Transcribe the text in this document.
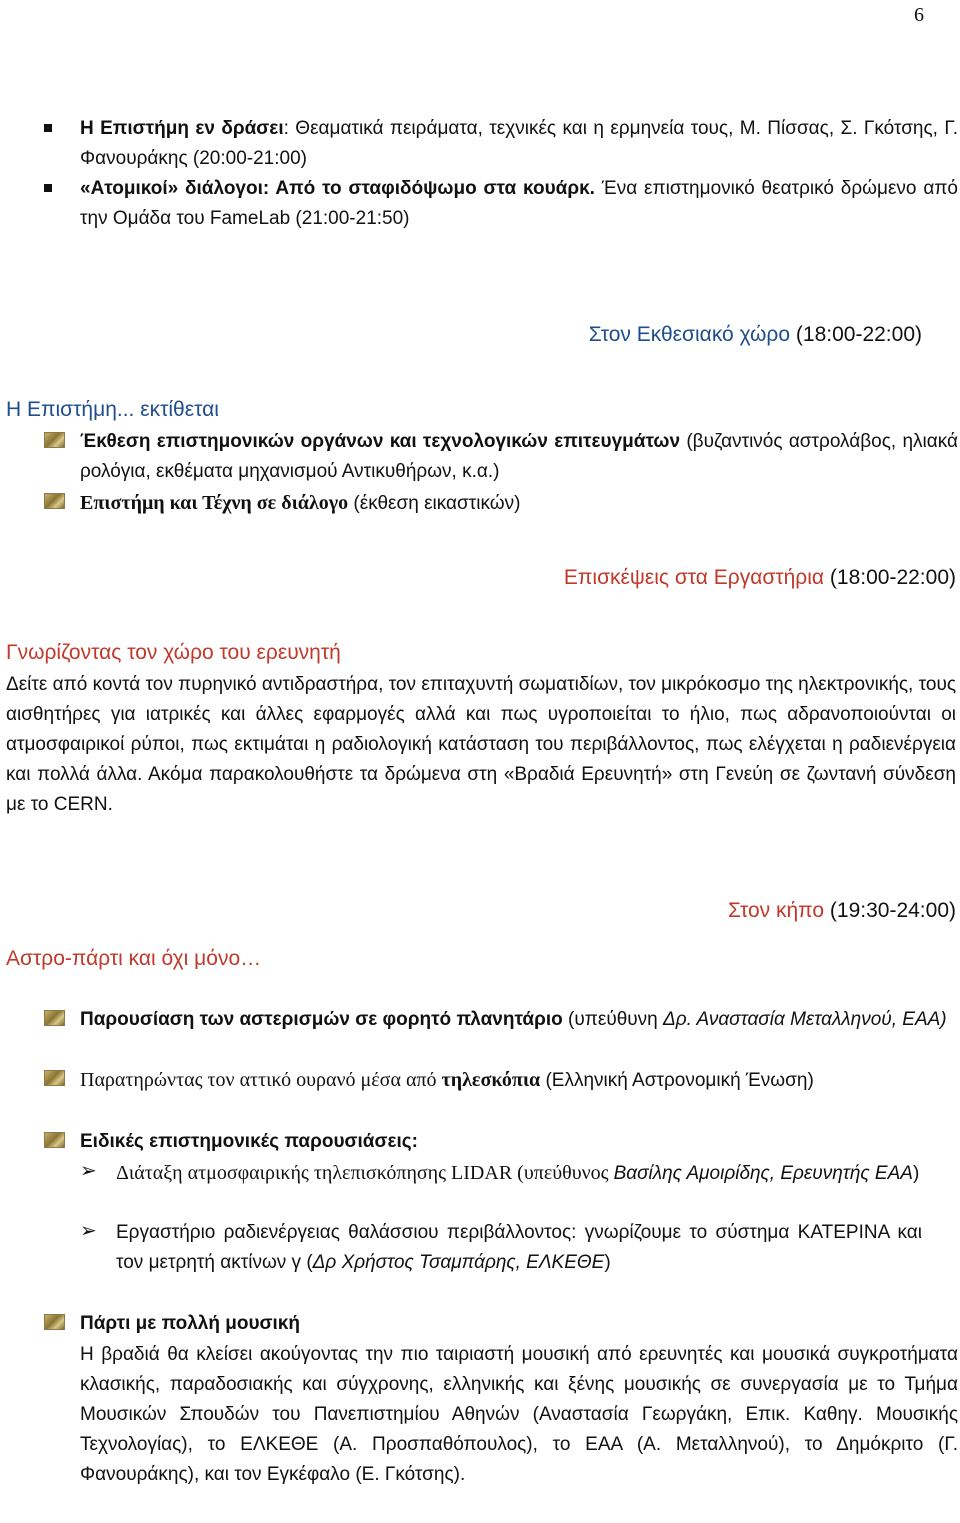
6
Η Επιστήμη εν δράσει: Θεαματικά πειράματα, τεχνικές και η ερμηνεία τους, Μ. Πίσσας, Σ. Γκότσης, Γ. Φανουράκης (20:00-21:00)
«Ατομικοί» διάλογοι: Από το σταφιδόψωμο στα κουάρκ. Ένα επιστημονικό θεατρικό δρώμενο από την Ομάδα του FameLab (21:00-21:50)
Στον Εκθεσιακό χώρο (18:00-22:00)
Η Επιστήμη... εκτίθεται
Έκθεση επιστημονικών οργάνων και τεχνολογικών επιτευγμάτων (βυζαντινός αστρολάβος, ηλιακά ρολόγια, εκθέματα μηχανισμού Αντικυθήρων, κ.α.)
Επιστήμη και Τέχνη σε διάλογο (έκθεση εικαστικών)
Επισκέψεις στα Εργαστήρια (18:00-22:00)
Γνωρίζοντας τον χώρο του ερευνητή
Δείτε από κοντά τον πυρηνικό αντιδραστήρα, τον επιταχυντή σωματιδίων, τον μικρόκοσμο της ηλεκτρονικής, τους αισθητήρες για ιατρικές και άλλες εφαρμογές αλλά και πως υγροποιείται το ήλιο, πως αδρανοποιούνται οι ατμοσφαιρικοί ρύποι, πως εκτιμάται η ραδιολογική κατάσταση του περιβάλλοντος, πως ελέγχεται η ραδιενέργεια και πολλά άλλα. Ακόμα παρακολουθήστε τα δρώμενα στη «Βραδιά Ερευνητή» στη Γενεύη σε ζωντανή σύνδεση με το CERN.
Στον κήπο (19:30-24:00)
Αστρο-πάρτι και όχι μόνο…
Παρουσίαση των αστερισμών σε φορητό πλανητάριο (υπεύθυνη Δρ. Αναστασία Μεταλληνού, ΕΑΑ)
Παρατηρώντας τον αττικό ουρανό μέσα από τηλεσκόπια (Ελληνική Αστρονομική Ένωση)
Ειδικές επιστημονικές παρουσιάσεις:
➢ Διάταξη ατμοσφαιρικής τηλεπισκόπησης LIDAR (υπεύθυνος Βασίλης Αμοιρίδης, Ερευνητής ΕΑΑ)
➢ Εργαστήριο ραδιενέργειας θαλάσσιου περιβάλλοντος: γνωρίζουμε το σύστημα ΚΑΤΕΡΙΝΑ και τον μετρητή ακτίνων γ (Δρ Χρήστος Τσαμπάρης, ΕΛΚΕΘΕ)
Πάρτι με πολλή μουσική
Η βραδιά θα κλείσει ακούγοντας την πιο ταιριαστή μουσική από ερευνητές και μουσικά συγκροτήματα κλασικής, παραδοσιακής και σύγχρονης, ελληνικής και ξένης μουσικής σε συνεργασία με το Τμήμα Μουσικών Σπουδών του Πανεπιστημίου Αθηνών (Αναστασία Γεωργάκη, Επικ. Καθηγ. Μουσικής Τεχνολογίας), το ΕΛΚΕΘΕ (Α. Προσπαθόπουλος), το ΕΑΑ (Α. Μεταλληνού), το Δημόκριτο (Γ. Φανουράκης), και τον Εγκέφαλο (Ε. Γκότσης).
